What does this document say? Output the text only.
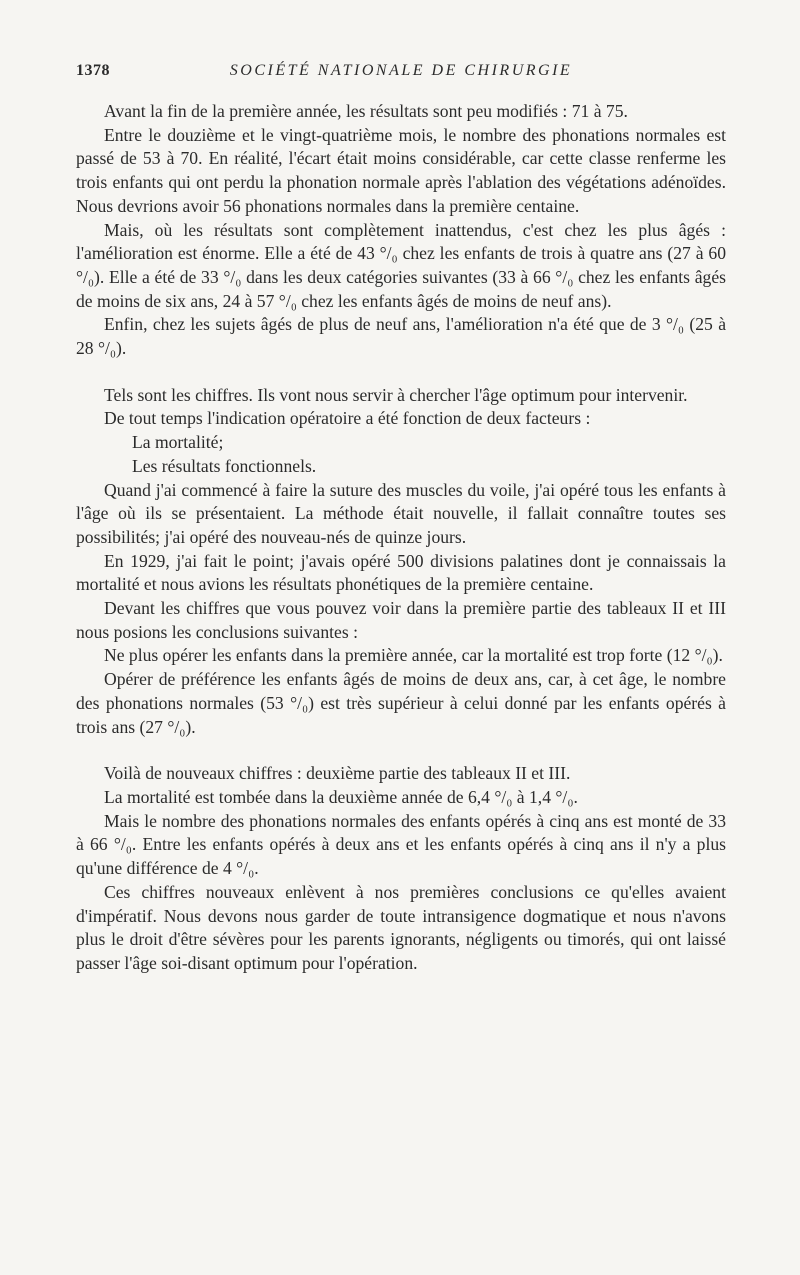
1378	SOCIÉTÉ NATIONALE DE CHIRURGIE

Avant la fin de la première année, les résultats sont peu modifiés : 71 à 75.

Entre le douzième et le vingt-quatrième mois, le nombre des phonations normales est passé de 53 à 70. En réalité, l'écart était moins considérable, car cette classe renferme les trois enfants qui ont perdu la phonation normale après l'ablation des végétations adénoïdes. Nous devrions avoir 56 phonations normales dans la première centaine.

Mais, où les résultats sont complètement inattendus, c'est chez les plus âgés : l'amélioration est énorme. Elle a été de 43 °/₀ chez les enfants de trois à quatre ans (27 à 60 °/₀). Elle a été de 33 °/₀ dans les deux catégories suivantes (33 à 66 °/₀ chez les enfants âgés de moins de six ans, 24 à 57 °/₀ chez les enfants âgés de moins de neuf ans).

Enfin, chez les sujets âgés de plus de neuf ans, l'amélioration n'a été que de 3 °/₀ (25 à 28 °/₀).

Tels sont les chiffres. Ils vont nous servir à chercher l'âge optimum pour intervenir.

De tout temps l'indication opératoire a été fonction de deux facteurs :

La mortalité;

Les résultats fonctionnels.

Quand j'ai commencé à faire la suture des muscles du voile, j'ai opéré tous les enfants à l'âge où ils se présentaient. La méthode était nouvelle, il fallait connaître toutes ses possibilités; j'ai opéré des nouveau-nés de quinze jours.

En 1929, j'ai fait le point; j'avais opéré 500 divisions palatines dont je connaissais la mortalité et nous avions les résultats phonétiques de la première centaine.

Devant les chiffres que vous pouvez voir dans la première partie des tableaux II et III nous posions les conclusions suivantes :

Ne plus opérer les enfants dans la première année, car la mortalité est trop forte (12 °/₀).

Opérer de préférence les enfants âgés de moins de deux ans, car, à cet âge, le nombre des phonations normales (53 °/₀) est très supérieur à celui donné par les enfants opérés à trois ans (27 °/₀).

Voilà de nouveaux chiffres : deuxième partie des tableaux II et III.

La mortalité est tombée dans la deuxième année de 6,4 °/₀ à 1,4 °/₀.

Mais le nombre des phonations normales des enfants opérés à cinq ans est monté de 33 à 66 °/₀. Entre les enfants opérés à deux ans et les enfants opérés à cinq ans il n'y a plus qu'une différence de 4 °/₀.

Ces chiffres nouveaux enlèvent à nos premières conclusions ce qu'elles avaient d'impératif. Nous devons nous garder de toute intransigence dogmatique et nous n'avons plus le droit d'être sévères pour les parents ignorants, négligents ou timorés, qui ont laissé passer l'âge soi-disant optimum pour l'opération.
